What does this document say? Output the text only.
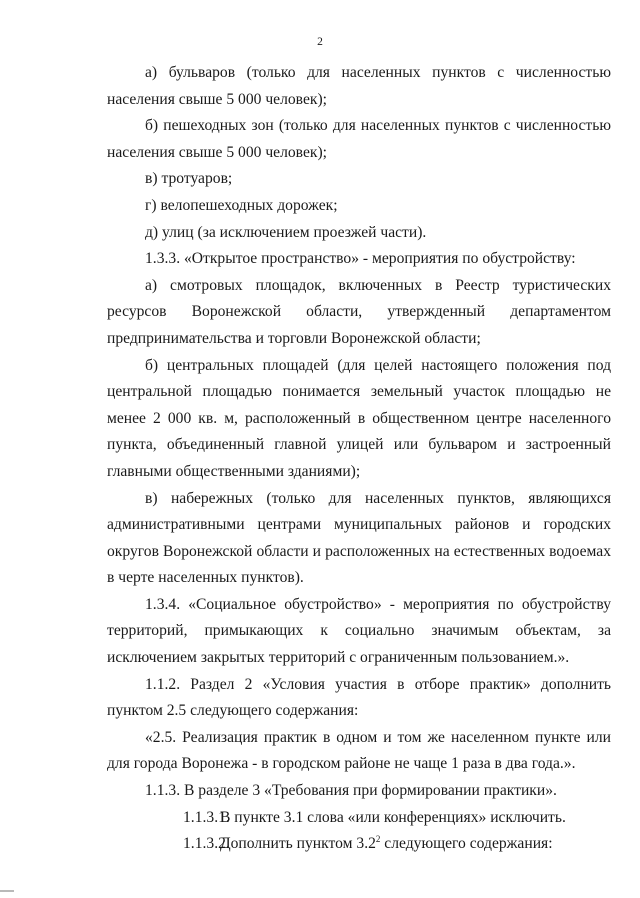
2

а) бульваров (только для населенных пунктов с численностью населения свыше 5 000 человек);

б) пешеходных зон (только для населенных пунктов с численностью населения свыше 5 000 человек);

в) тротуаров;

г) велопешеходных дорожек;

д) улиц (за исключением проезжей части).

1.3.3. «Открытое пространство» - мероприятия по обустройству:

а) смотровых площадок, включенных в Реестр туристических ресурсов Воронежской области, утвержденный департаментом предпринимательства и торговли Воронежской области;

б) центральных площадей (для целей настоящего положения под центральной площадью понимается земельный участок площадью не менее 2 000 кв. м, расположенный в общественном центре населенного пункта, объединенный главной улицей или бульваром и застроенный главными общественными зданиями);

в) набережных (только для населенных пунктов, являющихся административными центрами муниципальных районов и городских округов Воронежской области и расположенных на естественных водоемах в черте населенных пунктов).

1.3.4. «Социальное обустройство» - мероприятия по обустройству территорий, примыкающих к социально значимым объектам, за исключением закрытых территорий с ограниченным пользованием.».

1.1.2. Раздел 2 «Условия участия в отборе практик» дополнить пунктом 2.5 следующего содержания:

«2.5. Реализация практик в одном и том же населенном пункте или для города Воронежа - в городском районе не чаще 1 раза в два года.».

1.1.3. В разделе 3 «Требования при формировании практики».

1.1.3.1.В пункте 3.1 слова «или конференциях» исключить.

1.1.3.2.Дополнить пунктом $3.2^2$ следующего содержания:
